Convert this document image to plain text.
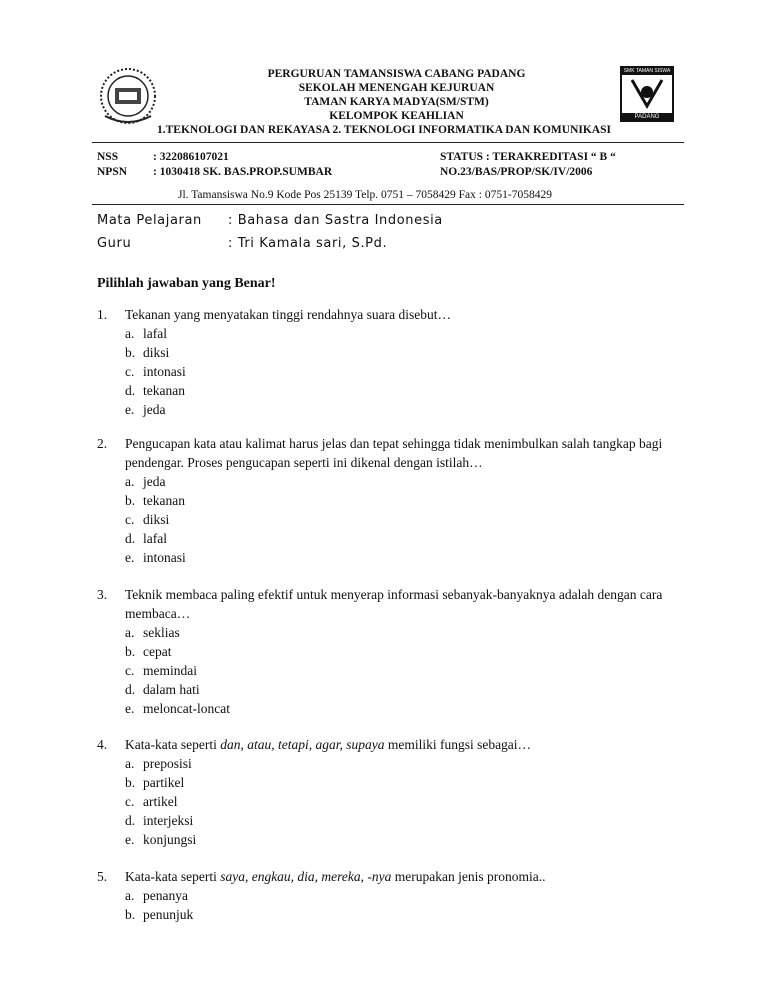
SMK TAMAN SISWA
PADANG
PERGURUAN TAMANSISWA CABANG PADANG
SEKOLAH MENENGAH KEJURUAN
TAMAN KARYA MADYA(SM/STM)
KELOMPOK KEAHLIAN
1.TEKNOLOGI DAN REKAYASA 2. TEKNOLOGI INFORMATIKA DAN KOMUNIKASI
NSS	: 322086107021
NPSN : 1030418 SK. BAS.PROP.SUMBAR
STATUS : TERAKREDITASI “ B “
NO.23/BAS/PROP/SK/IV/2006
Jl. Tamansiswa No.9 Kode Pos 25139 Telp. 0751 – 7058429 Fax : 0751-7058429
Mata Pelajaran : Bahasa dan Sastra Indonesia
Guru	: Tri Kamala sari, S.Pd.
Pilihlah jawaban yang Benar!
1. Tekanan yang menyatakan tinggi rendahnya suara disebut…
a. lafal
b. diksi
c. intonasi
d. tekanan
e. jeda
2. Pengucapan kata atau kalimat harus jelas dan tepat sehingga tidak menimbulkan salah tangkap bagi pendengar. Proses pengucapan seperti ini dikenal dengan istilah…
a. jeda
b. tekanan
c. diksi
d. lafal
e. intonasi
3. Teknik membaca paling efektif untuk menyerap informasi sebanyak-banyaknya adalah dengan cara membaca…
a. seklias
b. cepat
c. memindai
d. dalam hati
e. meloncat-loncat
4. Kata-kata seperti dan, atau, tetapi, agar, supaya memiliki fungsi sebagai…
a. preposisi
b. partikel
c. artikel
d. interjeksi
e. konjungsi
5. Kata-kata seperti saya, engkau, dia, mereka, -nya merupakan jenis pronomia..
a. penanya
b. penunjuk
